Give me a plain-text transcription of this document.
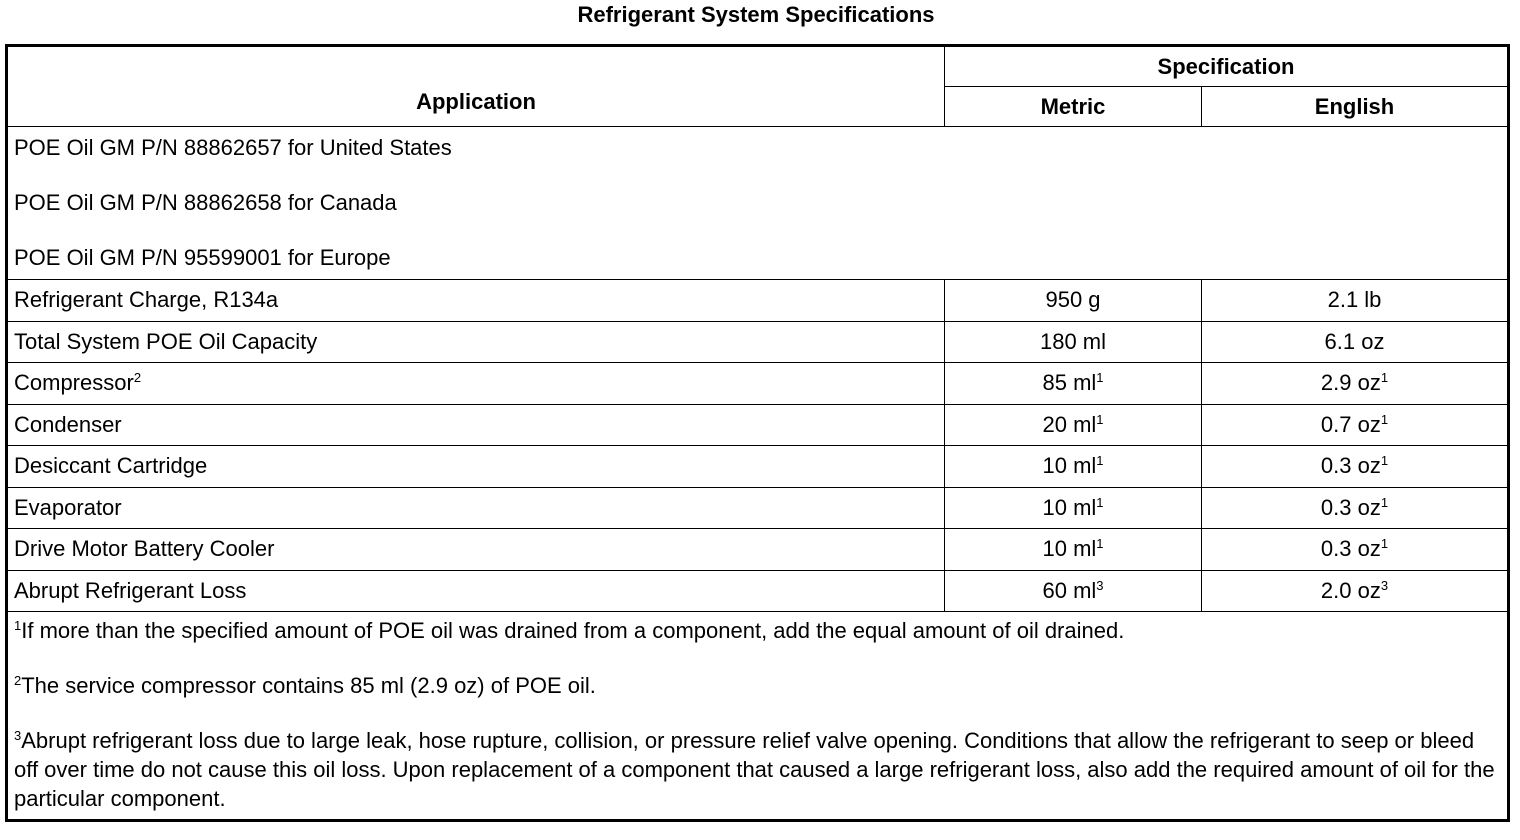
Refrigerant System Specifications
Application	Specification	
	Metric	English

POE Oil GM P/N 88862657 for United States
POE Oil GM P/N 88862658 for Canada
POE Oil GM P/N 95599001 for Europe		

Refrigerant Charge, R134a	950 g	2.1 lb
Total System POE Oil Capacity	180 ml	6.1 oz
Compressor$^2$	85 $ml^1$	2.9 $oz^1$
Condenser	20 $ml^1$	0.7 $oz^1$
Desiccant Cartridge	10 $ml^1$	0.3 $oz^1$
Evaporator	10 $ml^1$	0.3 $oz^1$
Drive Motor Battery Cooler	10 $ml^1$	0.3 $oz^1$
Abrupt Refrigerant Loss	60 $ml^3$	2.0 $oz^3$

$^1$If more than the specified amount of POE oil was drained from a component, add the equal amount of oil drained.
$^2$The service compressor contains 85 ml (2.9 oz) of POE oil.
$^3$Abrupt refrigerant loss due to large leak, hose rupture, collision, or pressure relief valve opening. Conditions that allow the refrigerant to seep or bleed off over time do not cause this oil loss. Upon replacement of a component that caused a large refrigerant loss, also add the required amount of oil for the particular component.		
